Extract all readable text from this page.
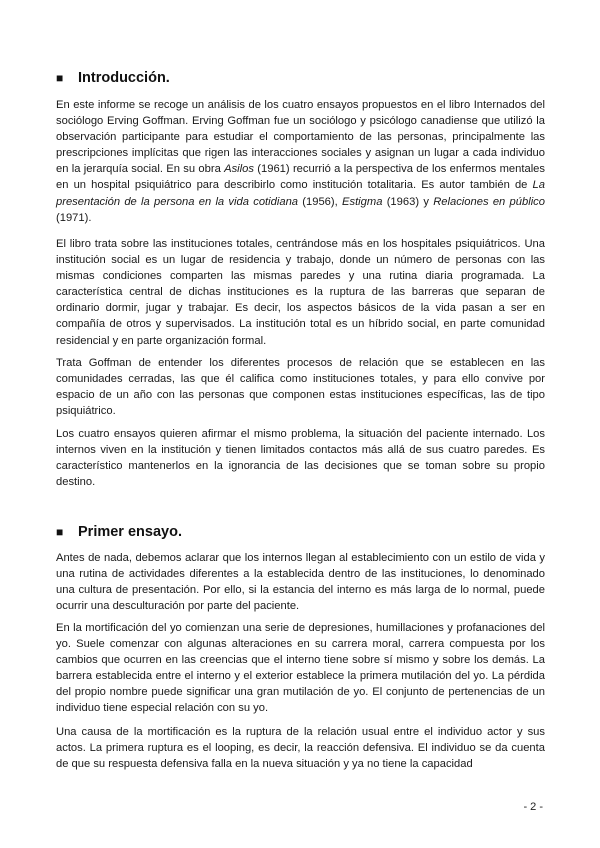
■ Introducción.

En este informe se recoge un análisis de los cuatro ensayos propuestos en el libro Internados del sociólogo Erving Goffman. Erving Goffman fue un sociólogo y psicólogo canadiense que utilizó la observación participante para estudiar el comportamiento de las personas, principalmente las prescripciones implícitas que rigen las interacciones sociales y asignan un lugar a cada individuo en la jerarquía social. En su obra Asilos (1961) recurrió a la perspectiva de los enfermos mentales en un hospital psiquiátrico para describirlo como institución totalitaria. Es autor también de La presentación de la persona en la vida cotidiana (1956), Estigma (1963) y Relaciones en público (1971).

El libro trata sobre las instituciones totales, centrándose más en los hospitales psiquiátricos. Una institución social es un lugar de residencia y trabajo, donde un número de personas con las mismas condiciones comparten las mismas paredes y una rutina diaria programada. La característica central de dichas instituciones es la ruptura de las barreras que separan de ordinario dormir, jugar y trabajar. Es decir, los aspectos básicos de la vida pasan a ser en compañía de otros y supervisados. La institución total es un híbrido social, en parte comunidad residencial y en parte organización formal.

Trata Goffman de entender los diferentes procesos de relación que se establecen en las comunidades cerradas, las que él califica como instituciones totales, y para ello convive por espacio de un año con las personas que componen estas instituciones específicas, las de tipo psiquiátrico.

Los cuatro ensayos quieren afirmar el mismo problema, la situación del paciente internado. Los internos viven en la institución y tienen limitados contactos más allá de sus cuatro paredes. Es característico mantenerlos en la ignorancia de las decisiones que se toman sobre su propio destino.

■ Primer ensayo.

Antes de nada, debemos aclarar que los internos llegan al establecimiento con un estilo de vida y una rutina de actividades diferentes a la establecida dentro de las instituciones, lo denominado una cultura de presentación. Por ello, si la estancia del interno es más larga de lo normal, puede ocurrir una desculturación por parte del paciente.

En la mortificación del yo comienzan una serie de depresiones, humillaciones y profanaciones del yo. Suele comenzar con algunas alteraciones en su carrera moral, carrera compuesta por los cambios que ocurren en las creencias que el interno tiene sobre sí mismo y sobre los demás. La barrera establecida entre el interno y el exterior establece la primera mutilación del yo. La pérdida del propio nombre puede significar una gran mutilación de yo. El conjunto de pertenencias de un individuo tiene especial relación con su yo.

Una causa de la mortificación es la ruptura de la relación usual entre el individuo actor y sus actos. La primera ruptura es el looping, es decir, la reacción defensiva. El individuo se da cuenta de que su respuesta defensiva falla en la nueva situación y ya no tiene la capacidad

- 2 -
